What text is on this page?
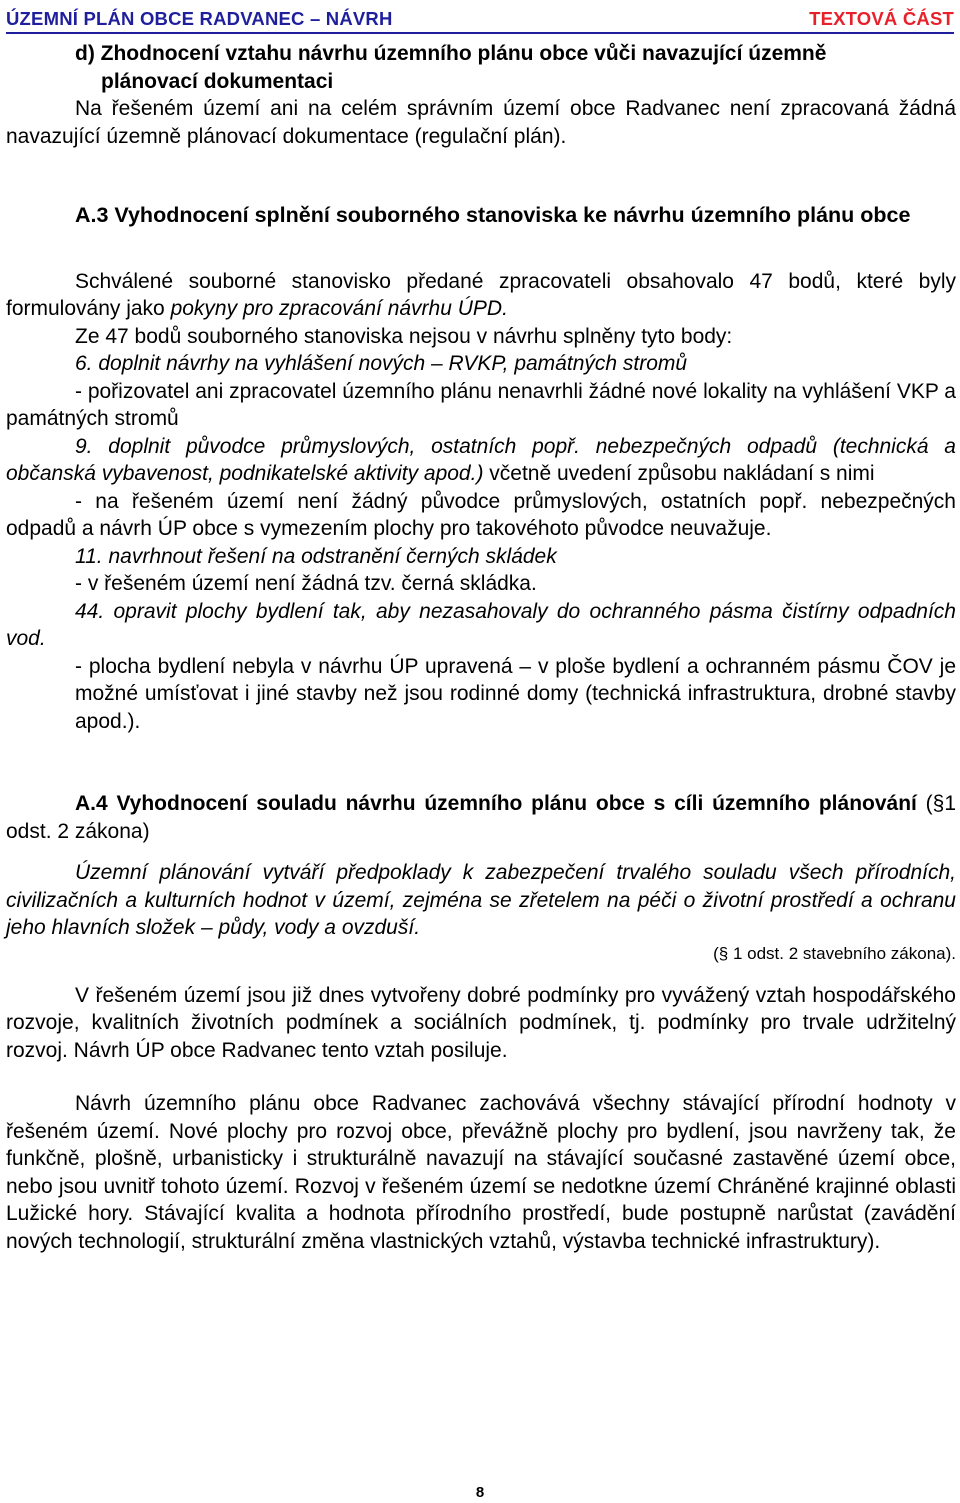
ÚZEMNÍ PLÁN OBCE RADVANEC – NÁVRH	TEXTOVÁ ČÁST

d) Zhodnocení vztahu návrhu územního plánu obce vůči navazující územně

plánovací dokumentaci

Na řešeném území ani na celém správním území obce Radvanec není zpracovaná žádná navazující územně plánovací dokumentace (regulační plán).

A.3 Vyhodnocení splnění souborného stanoviska ke návrhu územního plánu obce

Schválené souborné stanovisko předané zpracovateli obsahovalo 47 bodů, které byly formulovány jako pokyny pro zpracování návrhu ÚPD.

Ze 47 bodů souborného stanoviska nejsou v návrhu splněny tyto body:

6. doplnit návrhy na vyhlášení nových – RVKP, památných stromů

- pořizovatel ani zpracovatel územního plánu nenavrhli žádné nové lokality na vyhlášení VKP a památných stromů

9. doplnit původce průmyslových, ostatních popř. nebezpečných odpadů (technická a občanská vybavenost, podnikatelské aktivity apod.) včetně uvedení způsobu nakládaní s nimi

- na řešeném území není žádný původce průmyslových, ostatních popř. nebezpečných odpadů a návrh ÚP obce s vymezením plochy pro takovéhoto původce neuvažuje.

11. navrhnout řešení na odstranění černých skládek

- v řešeném území není žádná tzv. černá skládka.

44. opravit plochy bydlení tak, aby nezasahovaly do ochranného pásma čistírny odpadních vod.

- plocha bydlení nebyla v návrhu ÚP upravená – v ploše bydlení a ochranném pásmu ČOV je možné umísťovat i jiné stavby než jsou rodinné domy (technická infrastruktura, drobné stavby apod.).

A.4 Vyhodnocení souladu návrhu územního plánu obce s cíli územního plánování (§1 odst. 2 zákona)

Územní plánování vytváří předpoklady k zabezpečení trvalého souladu všech přírodních, civilizačních a kulturních hodnot v území, zejména se zřetelem na péči o životní prostředí a ochranu jeho hlavních složek – půdy, vody a ovzduší.

(§ 1 odst. 2 stavebního zákona).

V řešeném území jsou již dnes vytvořeny dobré podmínky pro vyvážený vztah hospodářského rozvoje, kvalitních životních podmínek a sociálních podmínek, tj. podmínky pro trvale udržitelný rozvoj. Návrh ÚP obce Radvanec tento vztah posiluje.

Návrh územního plánu obce Radvanec zachovává všechny stávající přírodní hodnoty v řešeném území. Nové plochy pro rozvoj obce, převážně plochy pro bydlení, jsou navrženy tak, že funkčně, plošně, urbanisticky i strukturálně navazují na stávající současné zastavěné území obce, nebo jsou uvnitř tohoto území. Rozvoj v řešeném území se nedotkne území Chráněné krajinné oblasti Lužické hory. Stávající kvalita a hodnota přírodního prostředí, bude postupně narůstat (zavádění nových technologií, strukturální změna vlastnických vztahů, výstavba technické infrastruktury).

8
